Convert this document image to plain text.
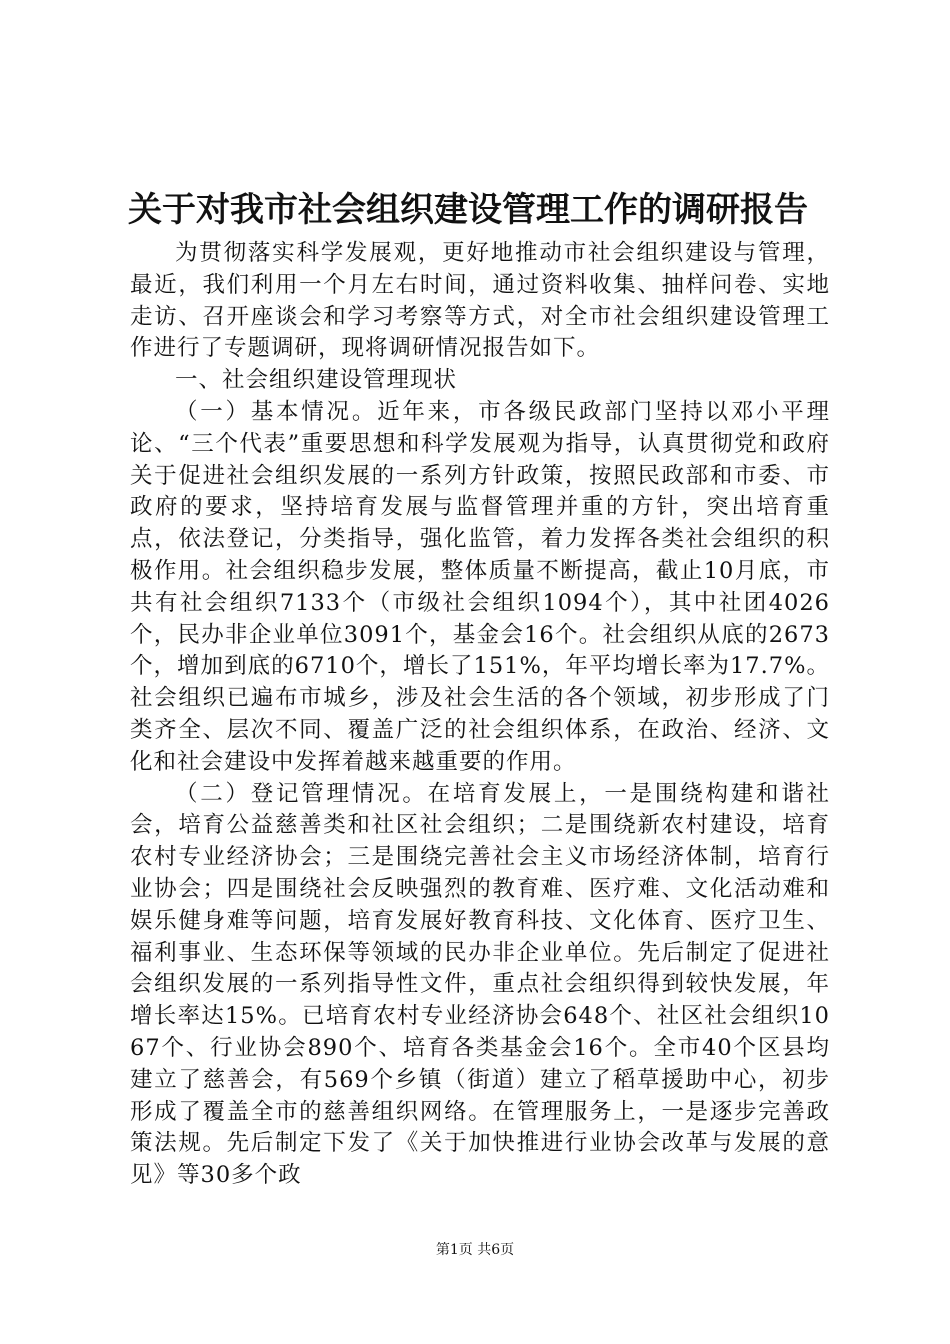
关于对我市社会组织建设管理工作的调研报告

为贯彻落实科学发展观，更好地推动市社会组织建设与管理，最近，我们利用一个月左右时间，通过资料收集、抽样问卷、实地走访、召开座谈会和学习考察等方式，对全市社会组织建设管理工作进行了专题调研，现将调研情况报告如下。

一、社会组织建设管理现状

（一）基本情况。近年来，市各级民政部门坚持以邓小平理论、“三个代表”重要思想和科学发展观为指导，认真贯彻党和政府关于促进社会组织发展的一系列方针政策，按照民政部和市委、市政府的要求，坚持培育发展与监督管理并重的方针，突出培育重点，依法登记，分类指导，强化监管，着力发挥各类社会组织的积极作用。社会组织稳步发展，整体质量不断提高，截止10月底，市共有社会组织7133个（市级社会组织1094个），其中社团4026个，民办非企业单位3091个，基金会16个。社会组织从底的2673个，增加到底的6710个，增长了151%，年平均增长率为17.7%。社会组织已遍布市城乡，涉及社会生活的各个领域，初步形成了门类齐全、层次不同、覆盖广泛的社会组织体系，在政治、经济、文化和社会建设中发挥着越来越重要的作用。

（二）登记管理情况。在培育发展上，一是围绕构建和谐社会，培育公益慈善类和社区社会组织；二是围绕新农村建设，培育农村专业经济协会；三是围绕完善社会主义市场经济体制，培育行业协会；四是围绕社会反映强烈的教育难、医疗难、文化活动难和娱乐健身难等问题，培育发展好教育科技、文化体育、医疗卫生、福利事业、生态环保等领域的民办非企业单位。先后制定了促进社会组织发展的一系列指导性文件，重点社会组织得到较快发展，年增长率达15%。已培育农村专业经济协会648个、社区社会组织1067个、行业协会890个、培育各类基金会16个。全市40个区县均建立了慈善会，有569个乡镇（街道）建立了稻草援助中心，初步形成了覆盖全市的慈善组织网络。在管理服务上，一是逐步完善政策法规。先后制定下发了《关于加快推进行业协会改革与发展的意见》等30多个政

第1页 共6页
